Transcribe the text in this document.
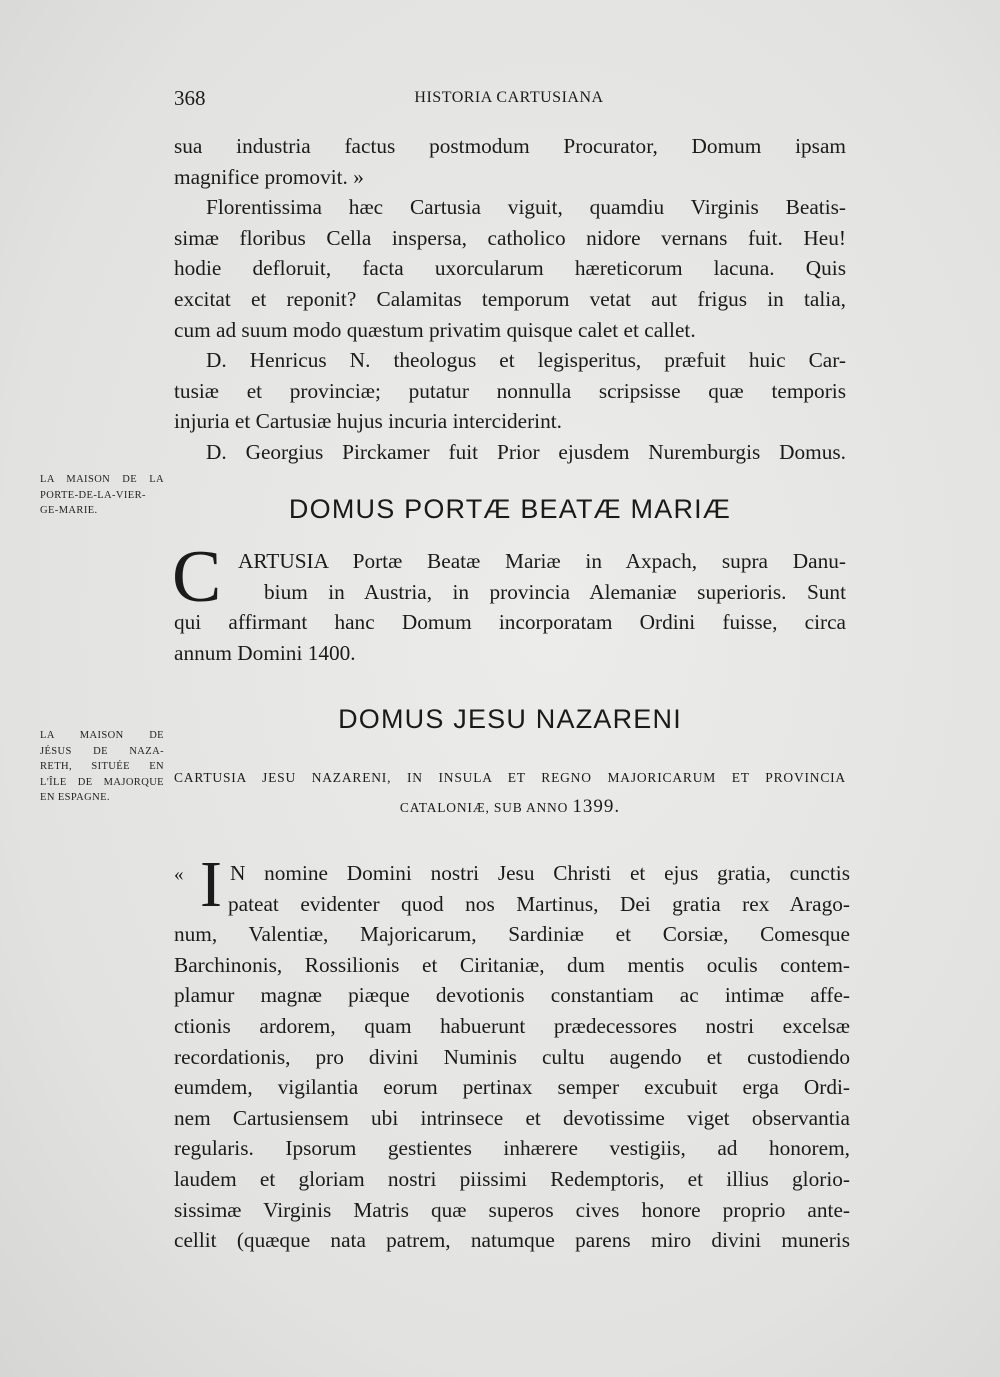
368	HISTORIA CARTUSIANA
sua industria factus postmodum Procurator, Domum ipsam
magnifice promovit. »
Florentissima hæc Cartusia viguit, quamdiu Virginis Beatis-
simæ floribus Cella inspersa, catholico nidore vernans fuit. Heu!
hodie defloruit, facta uxorcularum hæreticorum lacuna. Quis
excitat et reponit? Calamitas temporum vetat aut frigus in talia,
cum ad suum modo quæstum privatim quisque calet et callet.
D. Henricus N. theologus et legisperitus, præfuit huic Car-
tusiæ et provinciæ; putatur nonnulla scripsisse quæ temporis
injuria et Cartusiæ hujus incuria interciderint.
D. Georgius Pirckamer fuit Prior ejusdem Nuremburgis Domus.
LA MAISON DE LA
PORTE-DE-LA-VIER-
GE-MARIE.	DOMUS PORTÆ BEATÆ MARIÆ
C ARTUSIA Portæ Beatæ Mariæ in Axpach, supra Danu-
bium in Austria, in provincia Alemaniæ superioris. Sunt
qui affirmant hanc Domum incorporatam Ordini fuisse, circa
annum Domini 1400.
LA MAISON DE
JÉSUS DE NAZA-
RETH, SITUÉE EN
L'ÎLE DE MAJORQUE
EN ESPAGNE.
DOMUS JESU NAZARENI
CARTUSIA JESU NAZARENI, IN INSULA ET REGNO MAJORICARUM ET PROVINCIA
CATALONIÆ, SUB ANNO 1399.
I
« N nomine Domini nostri Jesu Christi et ejus gratia, cunctis
pateat evidenter quod nos Martinus, Dei gratia rex Arago-
num, Valentiæ, Majoricarum, Sardiniæ et Corsiæ, Comesque
Barchinonis, Rossilionis et Ciritaniæ, dum mentis oculis contem-
plamur magnæ piæque devotionis constantiam ac intimæ affe-
ctionis ardorem, quam habuerunt prædecessores nostri excelsæ
recordationis, pro divini Numinis cultu augendo et custodiendo
eumdem, vigilantia eorum pertinax semper excubuit erga Ordi-
nem Cartusiensem ubi intrinsece et devotissime viget observantia
regularis. Ipsorum gestientes inhærere vestigiis, ad honorem,
laudem et gloriam nostri piissimi Redemptoris, et illius glorio-
sissimæ Virginis Matris quæ superos cives honore proprio ante-
cellit (quæque nata patrem, natumque parens miro divini muneris
